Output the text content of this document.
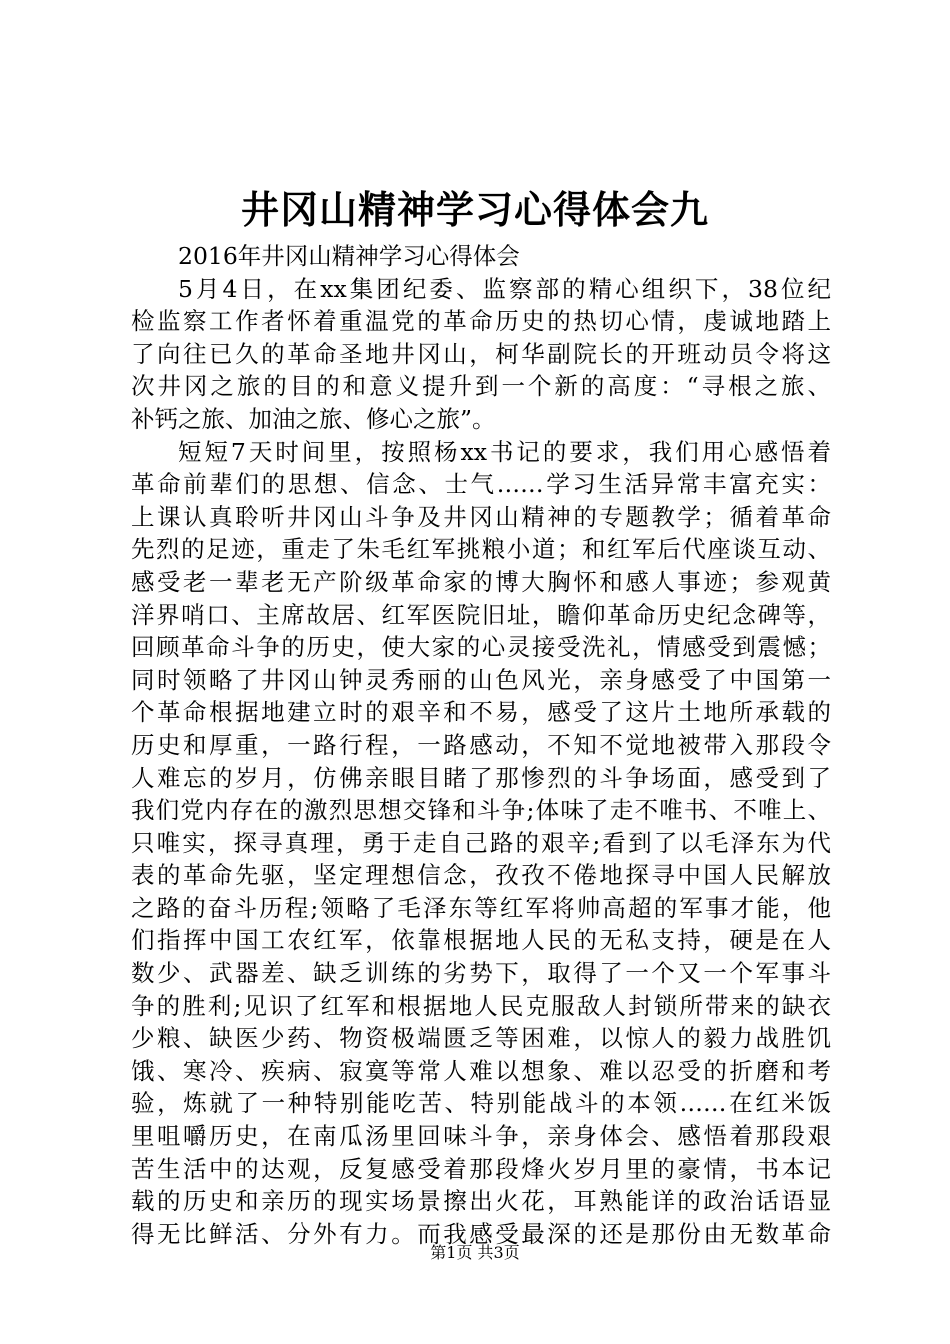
井冈山精神学习心得体会九
2016年井冈山精神学习心得体会
5月4日，在xx集团纪委、监察部的精心组织下，38位纪
检监察工作者怀着重温党的革命历史的热切心情，虔诚地踏上
了向往已久的革命圣地井冈山，柯华副院长的开班动员令将这
次井冈之旅的目的和意义提升到一个新的高度：“寻根之旅、
补钙之旅、加油之旅、修心之旅”。
短短7天时间里，按照杨xx书记的要求，我们用心感悟着
革命前辈们的思想、信念、士气……学习生活异常丰富充实：
上课认真聆听井冈山斗争及井冈山精神的专题教学；循着革命
先烈的足迹，重走了朱毛红军挑粮小道；和红军后代座谈互动、
感受老一辈老无产阶级革命家的博大胸怀和感人事迹；参观黄
洋界哨口、主席故居、红军医院旧址，瞻仰革命历史纪念碑等，
回顾革命斗争的历史，使大家的心灵接受洗礼，情感受到震憾；
同时领略了井冈山钟灵秀丽的山色风光，亲身感受了中国第一
个革命根据地建立时的艰辛和不易，感受了这片土地所承载的
历史和厚重，一路行程，一路感动，不知不觉地被带入那段令
人难忘的岁月，仿佛亲眼目睹了那惨烈的斗争场面，感受到了
我们党内存在的激烈思想交锋和斗争;体味了走不唯书、不唯上、
只唯实，探寻真理，勇于走自己路的艰辛;看到了以毛泽东为代
表的革命先驱，坚定理想信念，孜孜不倦地探寻中国人民解放
之路的奋斗历程;领略了毛泽东等红军将帅高超的军事才能，他
们指挥中国工农红军，依靠根据地人民的无私支持，硬是在人
数少、武器差、缺乏训练的劣势下，取得了一个又一个军事斗
争的胜利;见识了红军和根据地人民克服敌人封锁所带来的缺衣
少粮、缺医少药、物资极端匮乏等困难，以惊人的毅力战胜饥
饿、寒冷、疾病、寂寞等常人难以想象、难以忍受的折磨和考
验，炼就了一种特别能吃苦、特别能战斗的本领……在红米饭
里咀嚼历史，在南瓜汤里回味斗争，亲身体会、感悟着那段艰
苦生活中的达观，反复感受着那段烽火岁月里的豪情，书本记
载的历史和亲历的现实场景擦出火花，耳熟能详的政治话语显
得无比鲜活、分外有力。而我感受最深的还是那份由无数革命
第1页 共3页
